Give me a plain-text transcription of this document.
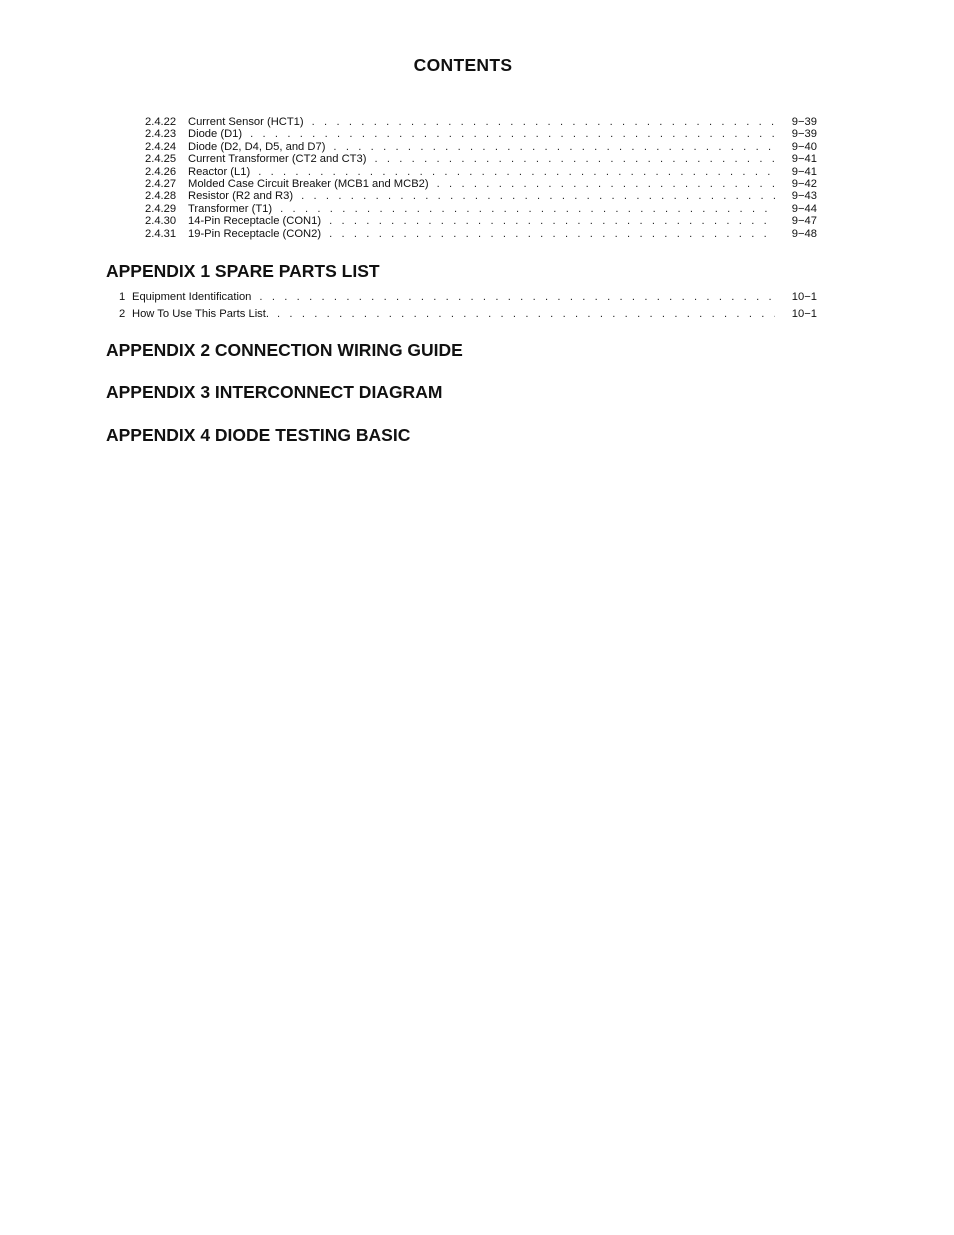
CONTENTS
2.4.22	Current Sensor (HCT1) . . .	9−39
2.4.23	Diode (D1) . . .	9−39
2.4.24	Diode (D2, D4, D5, and D7) . . .	9−40
2.4.25	Current Transformer (CT2 and CT3) . . .	9−41
2.4.26	Reactor (L1) . . .	9−41
2.4.27	Molded Case Circuit Breaker (MCB1 and MCB2) . . .	9−42
2.4.28	Resistor (R2 and R3) . . .	9−43
2.4.29	Transformer (T1) . . .	9−44
2.4.30	14-Pin Receptacle (CON1) . . .	9−47
2.4.31	19-Pin Receptacle (CON2) . . .	9−48
APPENDIX 1 SPARE PARTS LIST
1 Equipment Identification . . .	10−1
2 How To Use This Parts List. . . .	10−1
APPENDIX 2 CONNECTION WIRING GUIDE
APPENDIX 3 INTERCONNECT DIAGRAM
APPENDIX 4 DIODE TESTING BASIC
